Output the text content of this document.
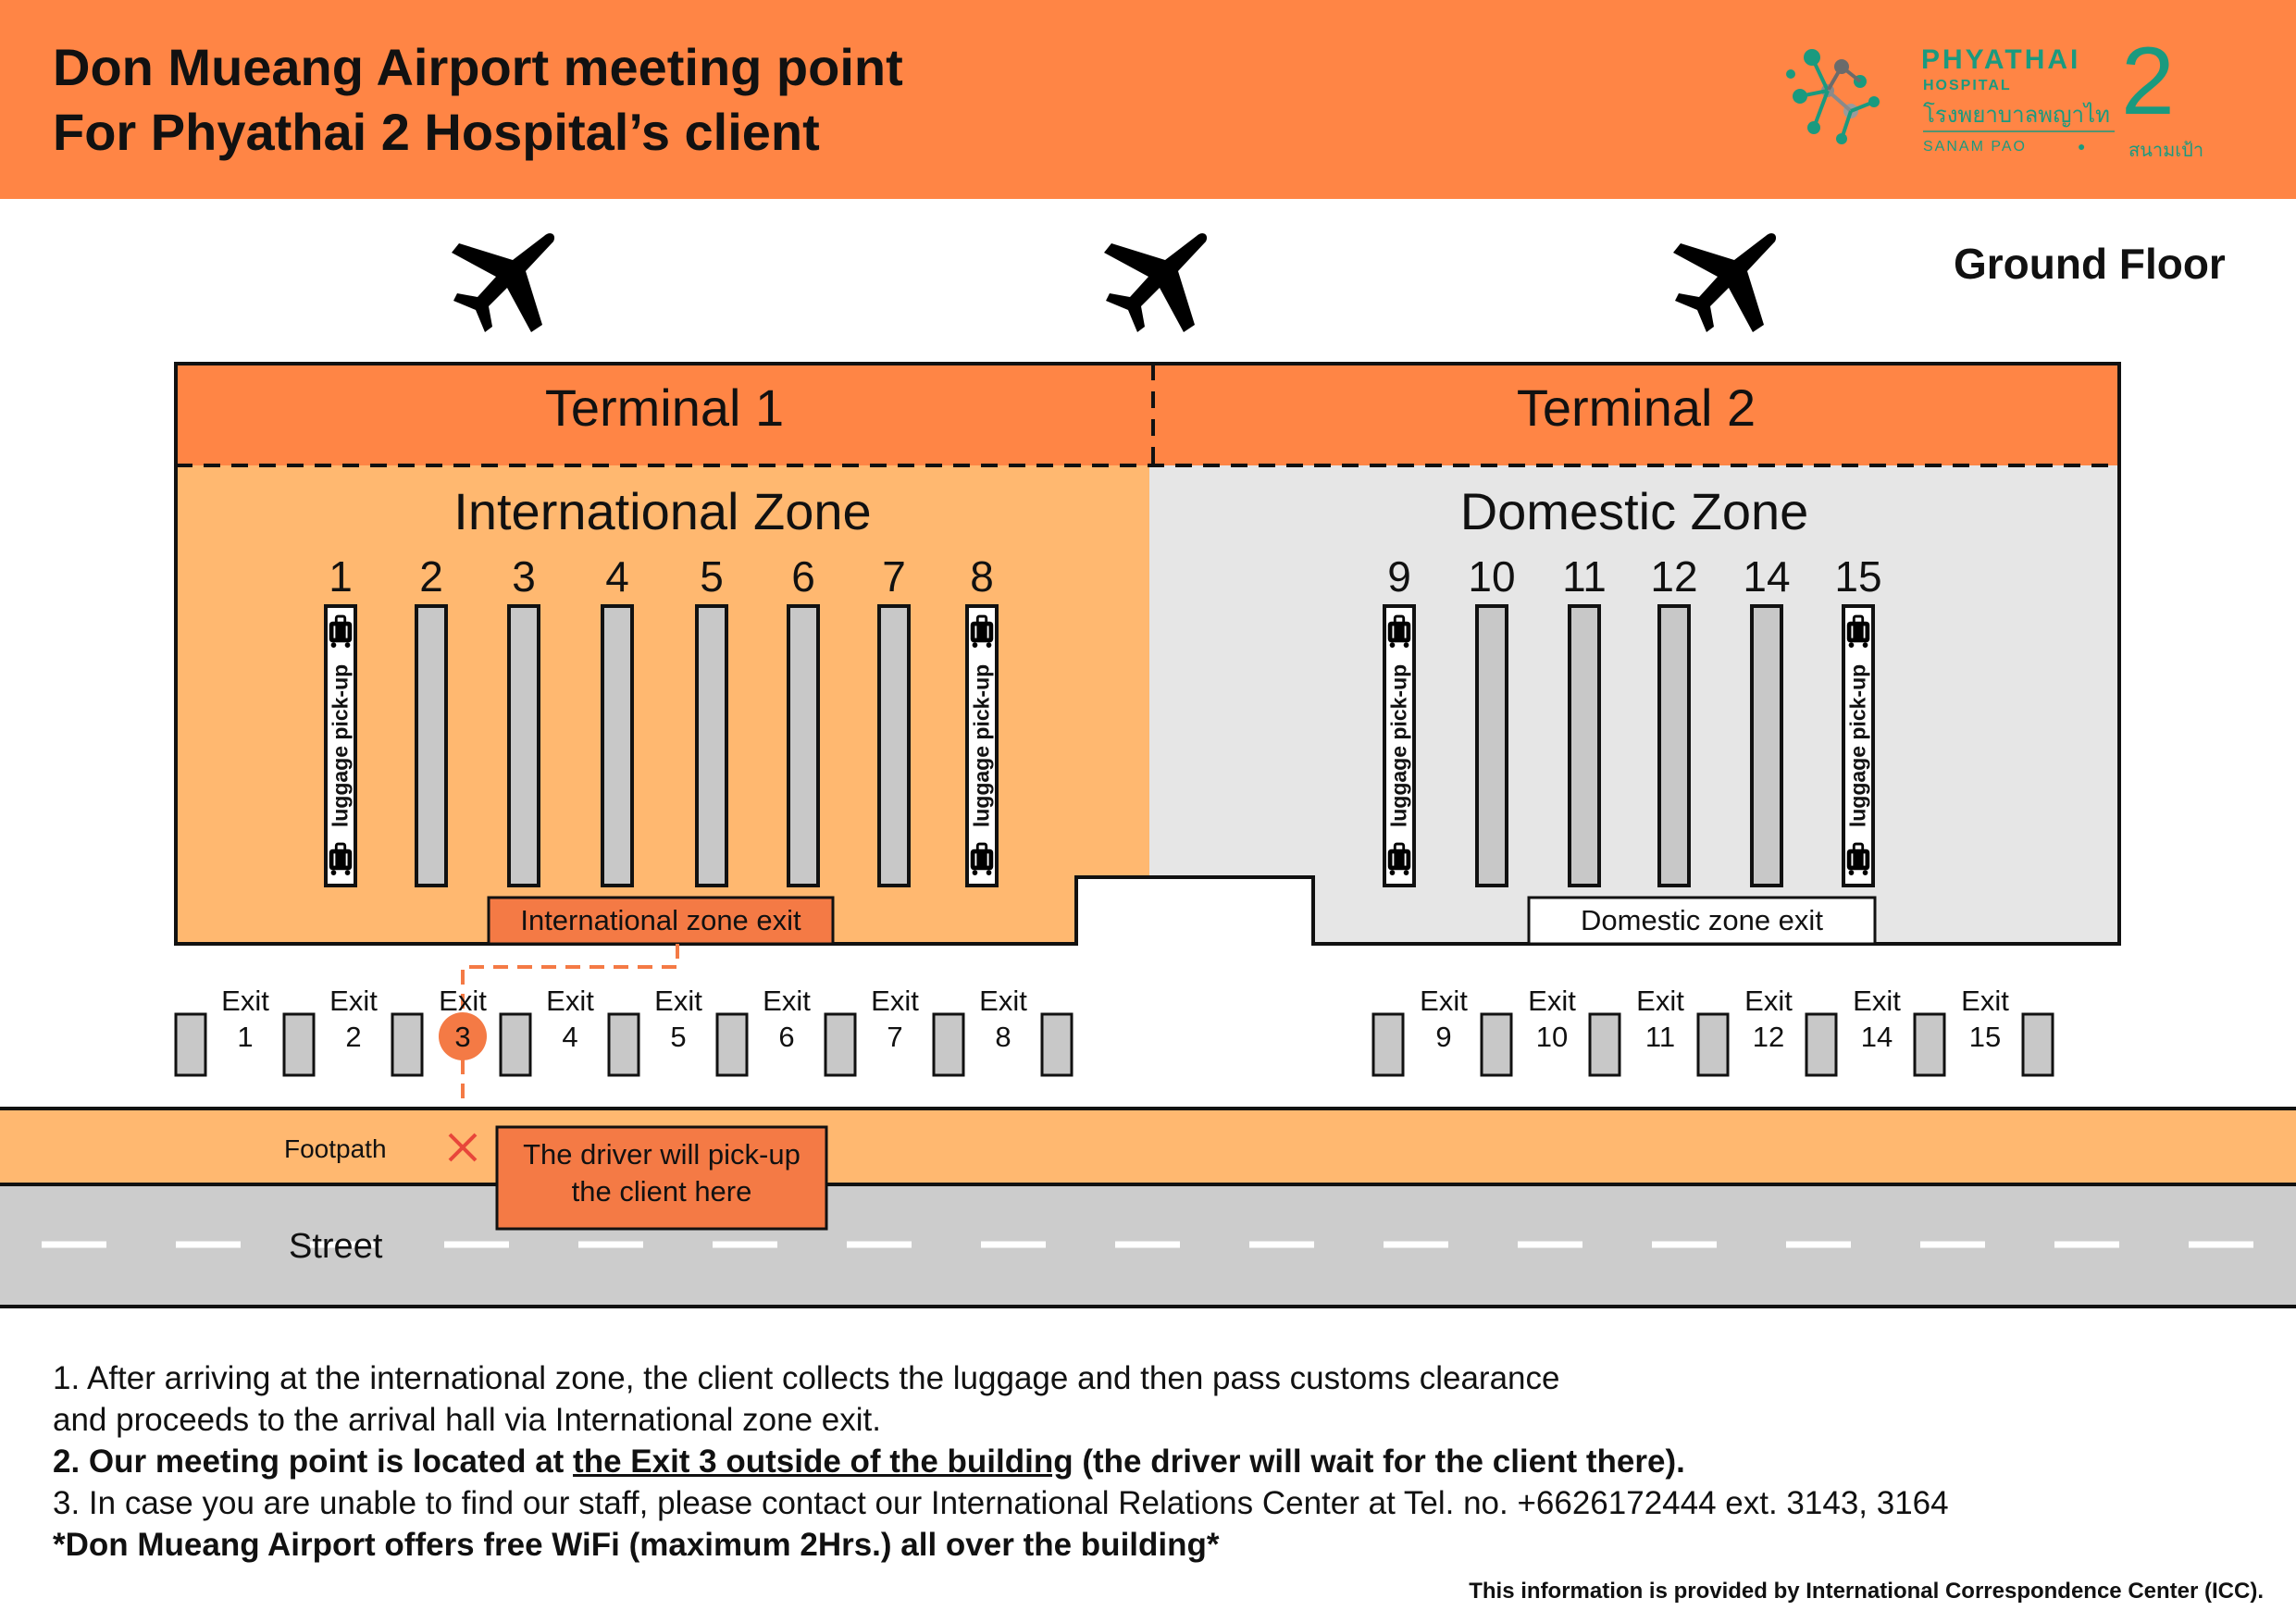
Don Mueang Airport meeting point
For Phyathai 2 Hospital’s client
PHYATHAI
HOSPITAL
โรงพยาบาลพญาไท 2
SANAM PAO	● สนามเป้า
Ground Floor
Terminal 1	Terminal 2
International Zone	Domestic Zone
1	2	3	4	5	6	7	8	9	10	11	12	14	15
luggage pick-up	luggage pick-up	luggage pick-up	luggage pick-up
International zone exit	Domestic zone exit
Exit
1
Exit
2
Exit
3
Exit
4
Exit
5
Exit
6
Exit
7
Exit
8
Exit
9
Exit
10
Exit
11
Exit
12
Exit
14
Exit
15
Footpath
Street
The driver will pick-up
the client here
1. After arriving at the international zone, the client collects the luggage and then pass customs clearance
and proceeds to the arrival hall via International zone exit.
2. Our meeting point is located at the Exit 3 outside of the building (the driver will wait for the client there).
3. In case you are unable to find our staff, please contact our International Relations Center at Tel. no. +6626172444 ext. 3143, 3164
*Don Mueang Airport offers free WiFi (maximum 2Hrs.) all over the building*
This information is provided by International Correspondence Center (ICC).
